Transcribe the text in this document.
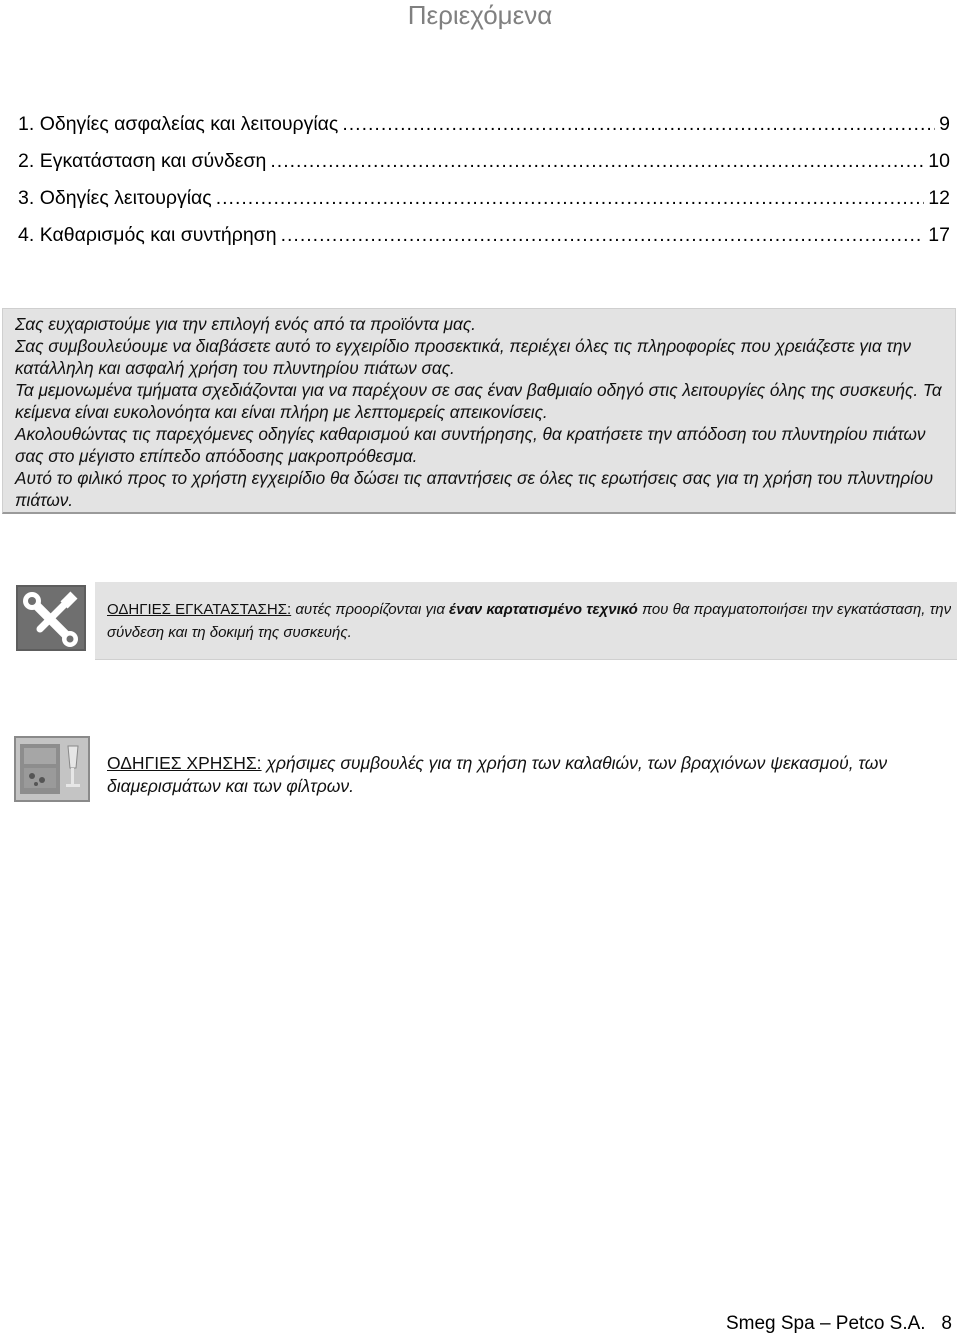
Περιεχόμενα
1.
Οδηγίες ασφαλείας και λειτουργίας .....	9
2.
Εγκατάσταση και σύνδεση .....	10
3.
Οδηγίες λειτουργίας .....	12
4.
Καθαρισμός και συντήρηση .....	17

Σας ευχαριστούμε για την επιλογή ενός από τα προϊόντα μας.

Σας συμβουλεύουμε να διαβάσετε αυτό το εγχειρίδιο προσεκτικά, περιέχει όλες τις πληροφορίες που χρειάζεστε για την κατάλληλη και ασφαλή χρήση του πλυντηρίου πιάτων σας.

Τα μεμονωμένα τμήματα σχεδιάζονται για να παρέχουν σε σας έναν βαθμιαίο οδηγό στις λειτουργίες όλης της συσκευής. Τα κείμενα είναι ευκολονόητα και είναι πλήρη με λεπτομερείς απεικονίσεις.

Ακολουθώντας τις παρεχόμενες οδηγίες καθαρισμού και συντήρησης, θα κρατήσετε την απόδοση του πλυντηρίου πιάτων σας στο μέγιστο επίπεδο απόδοσης μακροπρόθεσμα.

Αυτό το φιλικό προς το χρήστη εγχειρίδιο θα δώσει τις απαντήσεις σε όλες τις ερωτήσεις σας για τη χρήση του πλυντηρίου πιάτων.

ΟΔΗΓΙΕΣ ΕΓΚΑΤΑΣΤΑΣΗΣ: αυτές προορίζονται για έναν καρτατισμένο τεχνικό που θα πραγματοποιήσει την εγκατάσταση, την σύνδεση και τη δοκιμή της συσκευής.
ΟΔΗΓΙΕΣ ΧΡΗΣΗΣ: χρήσιμες συμβουλές για τη χρήση των καλαθιών, των βραχιόνων ψεκασμού, των διαμερισμάτων και των φίλτρων.
Smeg Spa – Petco S.A. 8
